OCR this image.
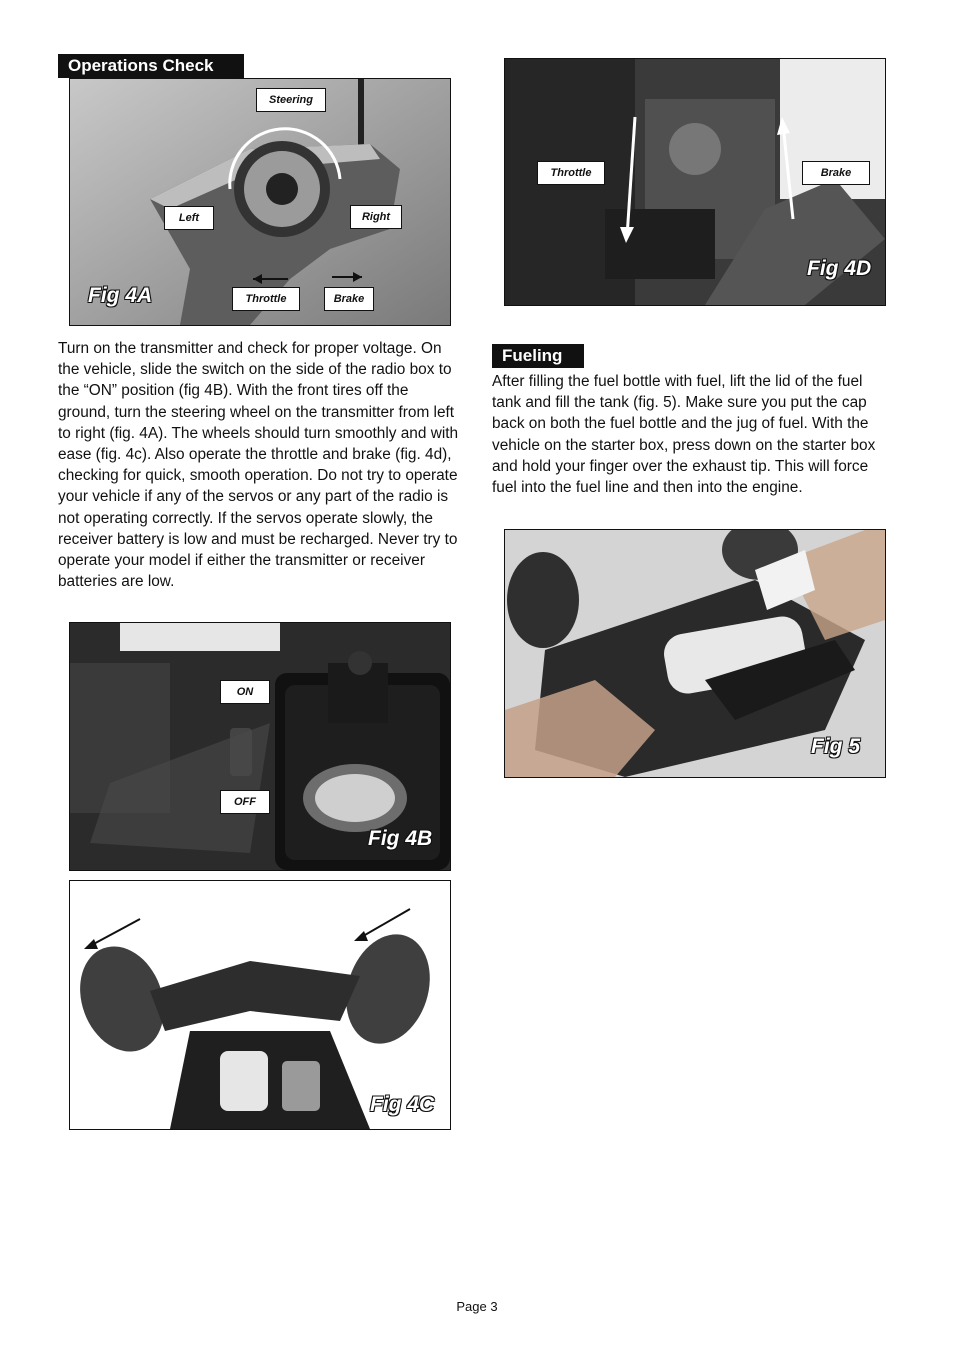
Operations Check
Steering
Left	Right
Throttle	Brake
Fig 4A
Turn on the transmitter and check for proper voltage. On the vehicle, slide the switch on the side of the radio box to the “ON” position (fig 4B). With the front tires off the ground, turn the steering wheel on the transmitter from left to right (fig. 4A). The wheels should turn smoothly and with ease (fig. 4c). Also operate the throttle and brake (fig. 4d), checking for quick, smooth operation. Do not try to operate your vehicle if any of the servos or any part of the radio is not operating correctly. If the servos operate slowly, the receiver battery is low and must be recharged. Never try to operate your model if either the transmitter or receiver batteries are low.
ON
OFF
Fig 4B
Fig 4C
Throttle	Brake
Fig 4D
Fueling
After filling the fuel bottle with fuel, lift the lid of the fuel tank and fill the tank (fig. 5). Make sure you put the cap back on both the fuel bottle and the jug of fuel. With the vehicle on the starter box, press down on the starter box and hold your finger over the exhaust tip. This will force fuel into the fuel line and then into the engine.
Fig 5
Page 3
